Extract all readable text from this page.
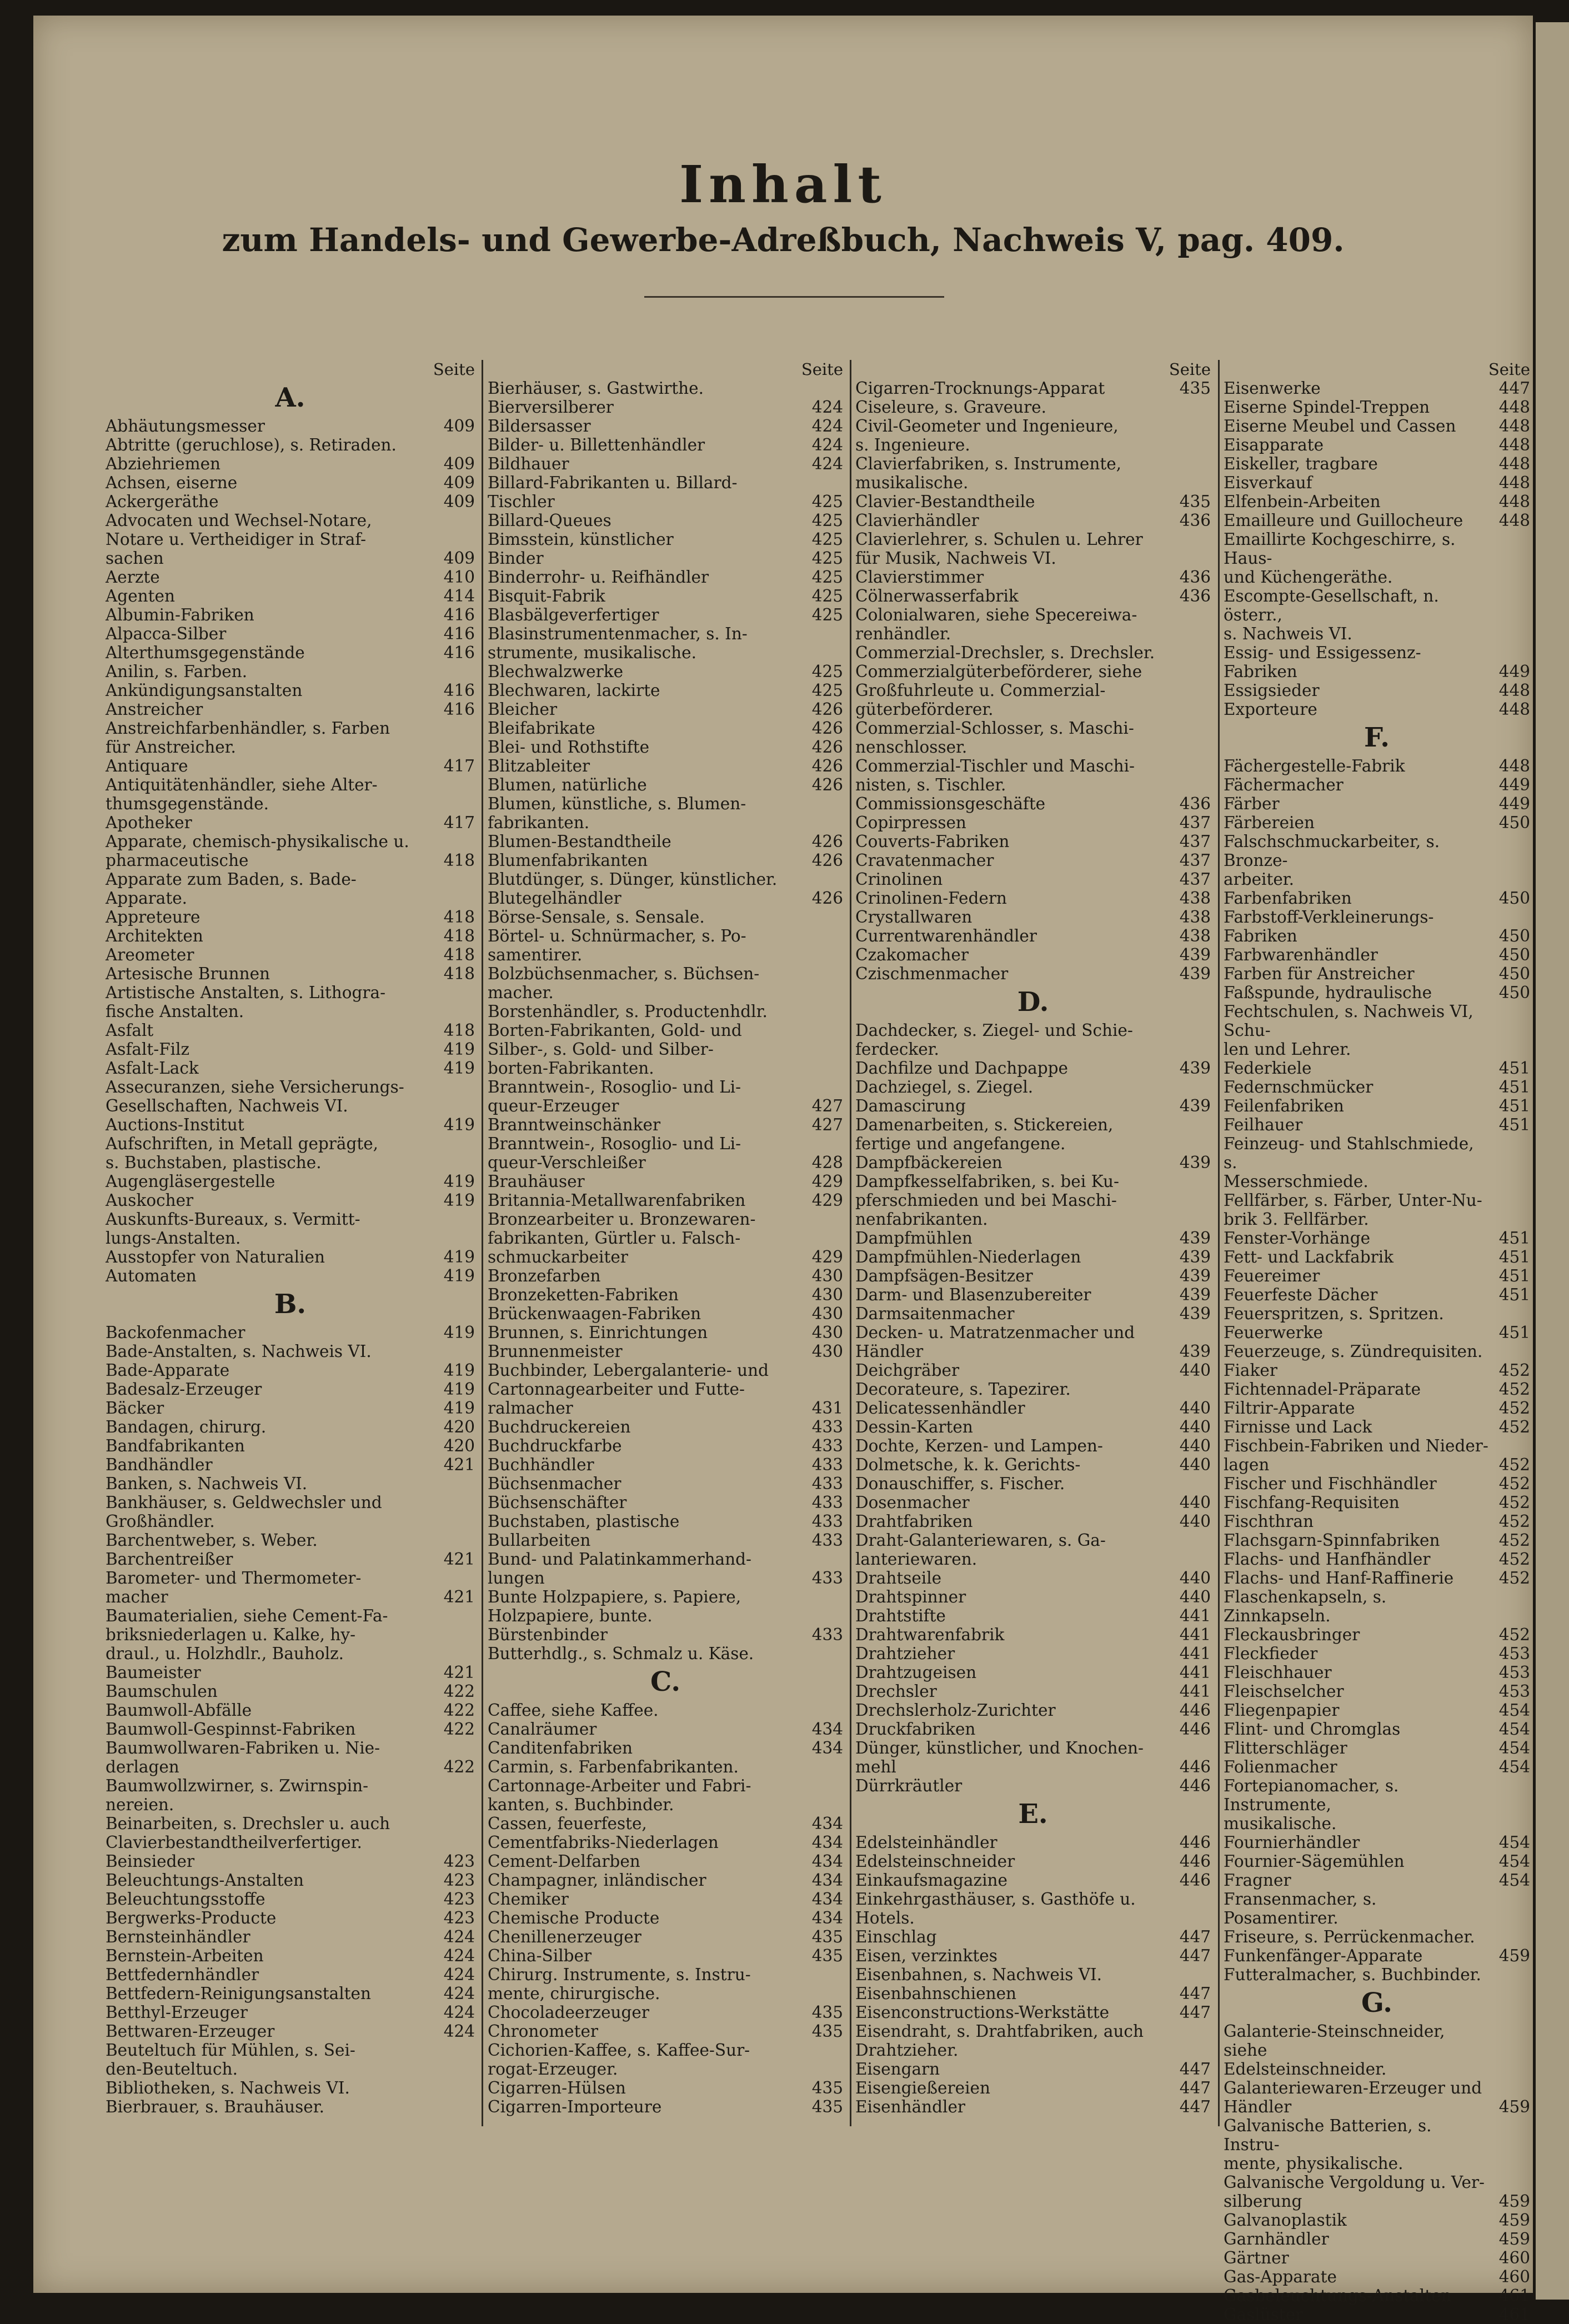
Inhalt
zum Handels- und Gewerbe-Adreßbuch, Nachweis V, pag. 409.
Seite
A.
Abhäutungsmesser	409
Abtritte (geruchlose), s. Retiraden.
Abziehriemen	409
Achsen, eiserne	409
Ackergeräthe	409
Advocaten und Wechsel-Notare,
Notare u. Vertheidiger in Straf-
sachen	409
Aerzte	410
Agenten	414
Albumin-Fabriken	416
Alpacca-Silber	416
Alterthumsgegenstände	416
Anilin, s. Farben.
Ankündigungsanstalten	416
Anstreicher	416
Anstreichfarbenhändler, s. Farben
für Anstreicher.
Antiquare	417
Antiquitätenhändler, siehe Alter-
thumsgegenstände.
Apotheker	417
Apparate, chemisch-physikalische u.
pharmaceutische	418
Apparate zum Baden, s. Bade-
Apparate.
Appreteure	418
Architekten	418
Areometer	418
Artesische Brunnen	418
Artistische Anstalten, s. Lithogra-
fische Anstalten.
Asfalt	418
Asfalt-Filz	419
Asfalt-Lack	419
Assecuranzen, siehe Versicherungs-
Gesellschaften, Nachweis VI.
Auctions-Institut	419
Aufschriften, in Metall geprägte,
s. Buchstaben, plastische.
Augengläsergestelle	419
Auskocher	419
Auskunfts-Bureaux, s. Vermitt-
lungs-Anstalten.
Ausstopfer von Naturalien	419
Automaten	419
B.
Backofenmacher	419
Bade-Anstalten, s. Nachweis VI.
Bade-Apparate	419
Badesalz-Erzeuger	419
Bäcker	419
Bandagen, chirurg.	420
Bandfabrikanten	420
Bandhändler	421
Banken, s. Nachweis VI.
Bankhäuser, s. Geldwechsler und
Großhändler.
Barchentweber, s. Weber.
Barchentreißer	421
Barometer- und Thermometer-
macher	421
Baumaterialien, siehe Cement-Fa-
briksniederlagen u. Kalke, hy-
draul., u. Holzhdlr., Bauholz.
Baumeister	421
Baumschulen	422
Baumwoll-Abfälle	422
Baumwoll-Gespinnst-Fabriken	422
Baumwollwaren-Fabriken u. Nie-
derlagen	422
Baumwollzwirner, s. Zwirnspin-
nereien.
Beinarbeiten, s. Drechsler u. auch
Clavierbestandtheilverfertiger.
Beinsieder	423
Beleuchtungs-Anstalten	423
Beleuchtungsstoffe	423
Bergwerks-Producte	423
Bernsteinhändler	424
Bernstein-Arbeiten	424
Bettfedernhändler	424
Bettfedern-Reinigungsanstalten	424
Betthyl-Erzeuger	424
Bettwaren-Erzeuger	424
Beuteltuch für Mühlen, s. Sei-
den-Beuteltuch.
Bibliotheken, s. Nachweis VI.
Bierbrauer, s. Brauhäuser.
Seite
Bierhäuser, s. Gastwirthe.
Bierversilberer	424
Bildersasser	424
Bilder- u. Billettenhändler	424
Bildhauer	424
Billard-Fabrikanten u. Billard-
Tischler	425
Billard-Queues	425
Bimsstein, künstlicher	425
Binder	425
Binderrohr- u. Reifhändler	425
Bisquit-Fabrik	425
Blasbälgeverfertiger	425
Blasinstrumentenmacher, s. In-
strumente, musikalische.
Blechwalzwerke	425
Blechwaren, lackirte	425
Bleicher	426
Bleifabrikate	426
Blei- und Rothstifte	426
Blitzableiter	426
Blumen, natürliche	426
Blumen, künstliche, s. Blumen-
fabrikanten.
Blumen-Bestandtheile	426
Blumenfabrikanten	426
Blutdünger, s. Dünger, künstlicher.
Blutegelhändler	426
Börse-Sensale, s. Sensale.
Börtel- u. Schnürmacher, s. Po-
samentirer.
Bolzbüchsenmacher, s. Büchsen-
macher.
Borstenhändler, s. Productenhdlr.
Borten-Fabrikanten, Gold- und
Silber-, s. Gold- und Silber-
borten-Fabrikanten.
Branntwein-, Rosoglio- und Li-
queur-Erzeuger	427
Branntweinschänker	427
Branntwein-, Rosoglio- und Li-
queur-Verschleißer	428
Brauhäuser	429
Britannia-Metallwarenfabriken	429
Bronzearbeiter u. Bronzewaren-
fabrikanten, Gürtler u. Falsch-
schmuckarbeiter	429
Bronzefarben	430
Bronzeketten-Fabriken	430
Brückenwaagen-Fabriken	430
Brunnen, s. Einrichtungen	430
Brunnenmeister	430
Buchbinder, Lebergalanterie- und
Cartonnagearbeiter und Futte-
ralmacher	431
Buchdruckereien	433
Buchdruckfarbe	433
Buchhändler	433
Büchsenmacher	433
Büchsenschäfter	433
Buchstaben, plastische	433
Bullarbeiten	433
Bund- und Palatinkammerhand-
lungen	433
Bunte Holzpapiere, s. Papiere,
Holzpapiere, bunte.
Bürstenbinder	433
Butterhdlg., s. Schmalz u. Käse.
C.
Caffee, siehe Kaffee.
Canalräumer	434
Canditenfabriken	434
Carmin, s. Farbenfabrikanten.
Cartonnage-Arbeiter und Fabri-
kanten, s. Buchbinder.
Cassen, feuerfeste,	434
Cementfabriks-Niederlagen	434
Cement-Delfarben	434
Champagner, inländischer	434
Chemiker	434
Chemische Producte	434
Chenillenerzeuger	435
China-Silber	435
Chirurg. Instrumente, s. Instru-
mente, chirurgische.
Chocoladeerzeuger	435
Chronometer	435
Cichorien-Kaffee, s. Kaffee-Sur-
rogat-Erzeuger.
Cigarren-Hülsen	435
Cigarren-Importeure	435
Seite
Cigarren-Trocknungs-Apparat	435
Ciseleure, s. Graveure.
Civil-Geometer und Ingenieure,
s. Ingenieure.
Clavierfabriken, s. Instrumente,
musikalische.
Clavier-Bestandtheile	435
Clavierhändler	436
Clavierlehrer, s. Schulen u. Lehrer
für Musik, Nachweis VI.
Clavierstimmer	436
Cölnerwasserfabrik	436
Colonialwaren, siehe Specereiwa-
renhändler.
Commerzial-Drechsler, s. Drechsler.
Commerzialgüterbeförderer, siehe
Großfuhrleute u. Commerzial-
güterbeförderer.
Commerzial-Schlosser, s. Maschi-
nenschlosser.
Commerzial-Tischler und Maschi-
nisten, s. Tischler.
Commissionsgeschäfte	436
Copirpressen	437
Couverts-Fabriken	437
Cravatenmacher	437
Crinolinen	437
Crinolinen-Federn	438
Crystallwaren	438
Currentwarenhändler	438
Czakomacher	439
Czischmenmacher	439
D.
Dachdecker, s. Ziegel- und Schie-
ferdecker.
Dachfilze und Dachpappe	439
Dachziegel, s. Ziegel.
Damascirung	439
Damenarbeiten, s. Stickereien,
fertige und angefangene.
Dampfbäckereien	439
Dampfkesselfabriken, s. bei Ku-
pferschmieden und bei Maschi-
nenfabrikanten.
Dampfmühlen	439
Dampfmühlen-Niederlagen	439
Dampfsägen-Besitzer	439
Darm- und Blasenzubereiter	439
Darmsaitenmacher	439
Decken- u. Matratzenmacher und
Händler	439
Deichgräber	440
Decorateure, s. Tapezirer.
Delicatessenhändler	440
Dessin-Karten	440
Dochte, Kerzen- und Lampen-	440
Dolmetsche, k. k. Gerichts-	440
Donauschiffer, s. Fischer.
Dosenmacher	440
Drahtfabriken	440
Draht-Galanteriewaren, s. Ga-
lanteriewaren.
Drahtseile	440
Drahtspinner	440
Drahtstifte	441
Drahtwarenfabrik	441
Drahtzieher	441
Drahtzugeisen	441
Drechsler	441
Drechslerholz-Zurichter	446
Druckfabriken	446
Dünger, künstlicher, und Knochen-
mehl	446
Dürrkräutler	446
E.
Edelsteinhändler	446
Edelsteinschneider	446
Einkaufsmagazine	446
Einkehrgasthäuser, s. Gasthöfe u.
Hotels.
Einschlag	447
Eisen, verzinktes	447
Eisenbahnen, s. Nachweis VI.
Eisenbahnschienen	447
Eisenconstructions-Werkstätte	447
Eisendraht, s. Drahtfabriken, auch
Drahtzieher.
Eisengarn	447
Eisengießereien	447
Eisenhändler	447
Seite
Eisenwerke	447
Eiserne Spindel-Treppen	448
Eiserne Meubel und Cassen	448
Eisapparate	448
Eiskeller, tragbare	448
Eisverkauf	448
Elfenbein-Arbeiten	448
Emailleure und Guillocheure	448
Emaillirte Kochgeschirre, s. Haus-
und Küchengeräthe.
Escompte-Gesellschaft, n. österr.,
s. Nachweis VI.
Essig- und Essigessenz-Fabriken	449
Essigsieder	448
Exporteure	448
F.
Fächergestelle-Fabrik	448
Fächermacher	449
Färber	449
Färbereien	450
Falschschmuckarbeiter, s. Bronze-
arbeiter.
Farbenfabriken	450
Farbstoff-Verkleinerungs-Fabriken	450
Farbwarenhändler	450
Farben für Anstreicher	450
Faßspunde, hydraulische	450
Fechtschulen, s. Nachweis VI, Schu-
len und Lehrer.
Federkiele	451
Federnschmücker	451
Feilenfabriken	451
Feilhauer	451
Feinzeug- und Stahlschmiede, s.
Messerschmiede.
Fellfärber, s. Färber, Unter-Nu-
brik 3. Fellfärber.
Fenster-Vorhänge	451
Fett- und Lackfabrik	451
Feuereimer	451
Feuerfeste Dächer	451
Feuerspritzen, s. Spritzen.
Feuerwerke	451
Feuerzeuge, s. Zündrequisiten.
Fiaker	452
Fichtennadel-Präparate	452
Filtrir-Apparate	452
Firnisse und Lack	452
Fischbein-Fabriken und Nieder-
lagen	452
Fischer und Fischhändler	452
Fischfang-Requisiten	452
Fischthran	452
Flachsgarn-Spinnfabriken	452
Flachs- und Hanfhändler	452
Flachs- und Hanf-Raffinerie	452
Flaschenkapseln, s. Zinnkapseln.
Fleckausbringer	452
Fleckfieder	453
Fleischhauer	453
Fleischselcher	453
Fliegenpapier	454
Flint- und Chromglas	454
Flitterschläger	454
Folienmacher	454
Fortepianomacher, s. Instrumente,
musikalische.
Fournierhändler	454
Fournier-Sägemühlen	454
Fragner	454
Fransenmacher, s. Posamentirer.
Friseure, s. Perrückenmacher.
Funkenfänger-Apparate	459
Futteralmacher, s. Buchbinder.
G.
Galanterie-Steinschneider, siehe
Edelsteinschneider.
Galanteriewaren-Erzeuger und
Händler	459
Galvanische Batterien, s. Instru-
mente, physikalische.
Galvanische Vergoldung u. Ver-
silberung	459
Galvanoplastik	459
Garnhändler	459
Gärtner	460
Gas-Apparate	460
Gasbeleuchtungs-Anstalten	461
Gaslüster	461
